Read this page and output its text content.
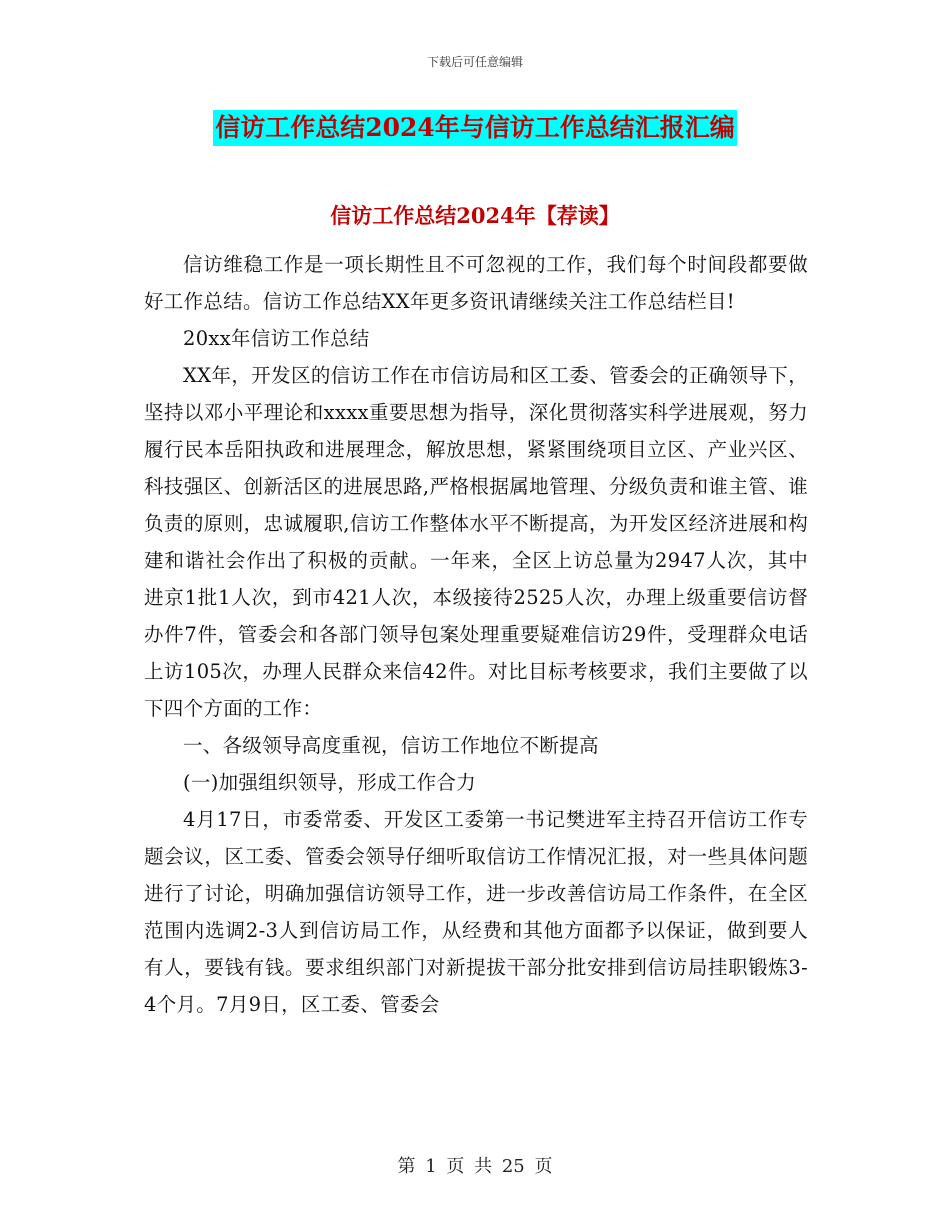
下载后可任意编辑
信访工作总结2024年与信访工作总结汇报汇编
信访工作总结2024年【荐读】

信访维稳工作是一项长期性且不可忽视的工作，我们每个时间段都要做好工作总结。信访工作总结XX年更多资讯请继续关注工作总结栏目!

20xx年信访工作总结

XX年，开发区的信访工作在市信访局和区工委、管委会的正确领导下，坚持以邓小平理论和xxxx重要思想为指导，深化贯彻落实科学进展观，努力履行民本岳阳执政和进展理念，解放思想，紧紧围绕项目立区、产业兴区、科技强区、创新活区的进展思路,严格根据属地管理、分级负责和谁主管、谁负责的原则，忠诚履职,信访工作整体水平不断提高，为开发区经济进展和构建和谐社会作出了积极的贡献。一年来，全区上访总量为2947人次，其中进京1批1人次，到市421人次，本级接待2525人次，办理上级重要信访督办件7件，管委会和各部门领导包案处理重要疑难信访29件，受理群众电话上访105次，办理人民群众来信42件。对比目标考核要求，我们主要做了以下四个方面的工作：

一、各级领导高度重视，信访工作地位不断提高

(一)加强组织领导，形成工作合力

4月17日，市委常委、开发区工委第一书记樊进军主持召开信访工作专题会议，区工委、管委会领导仔细听取信访工作情况汇报，对一些具体问题进行了讨论，明确加强信访领导工作，进一步改善信访局工作条件，在全区范围内选调2-3人到信访局工作，从经费和其他方面都予以保证，做到要人有人，要钱有钱。要求组织部门对新提拔干部分批安排到信访局挂职锻炼3-4个月。7月9日，区工委、管委会

第 1 页 共 25 页
